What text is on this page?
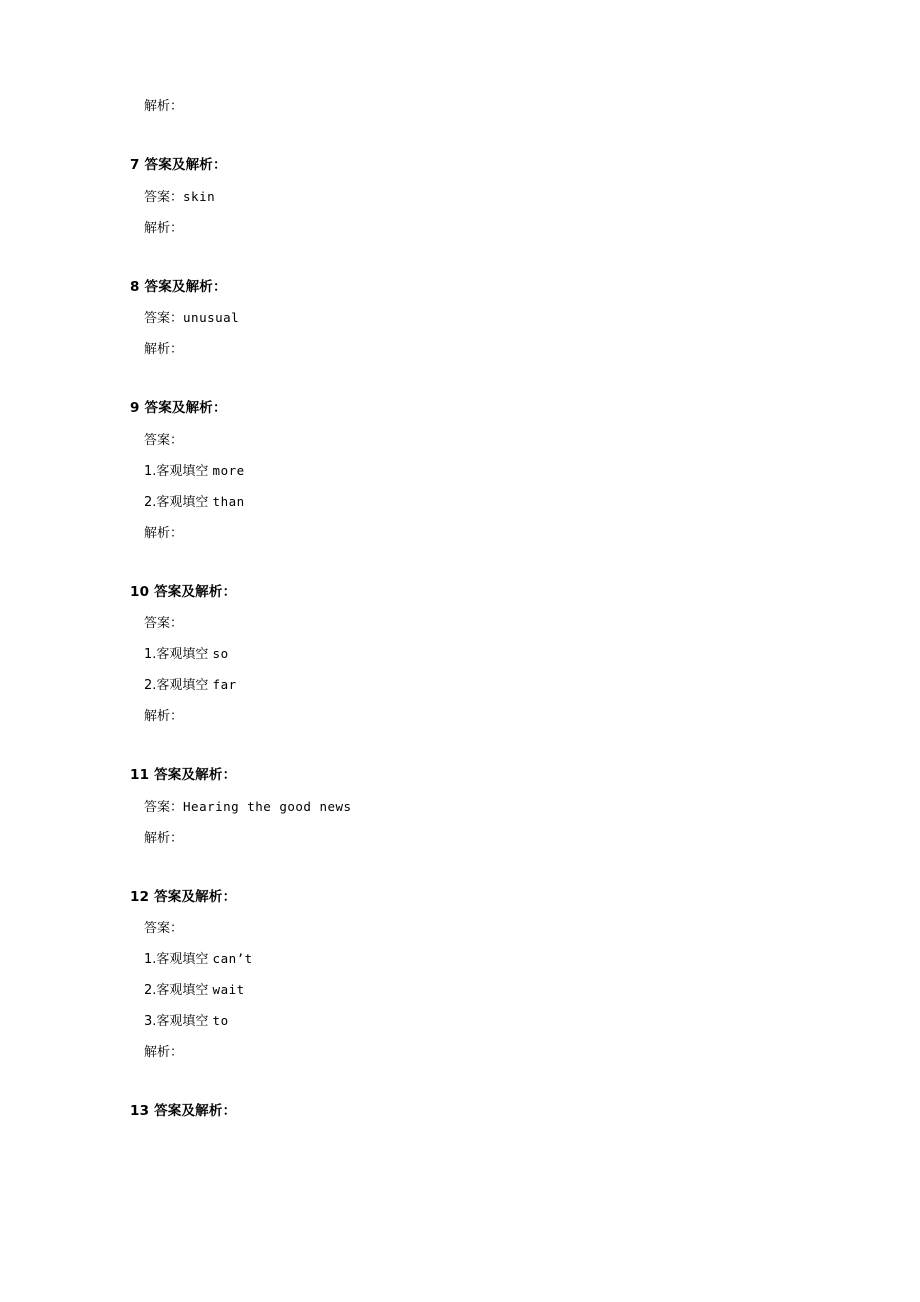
解析：
7 答案及解析：
答案：skin
解析：
8 答案及解析：
答案：unusual
解析：
9 答案及解析：
答案：
1.客观填空 more
2.客观填空 than
解析：
10 答案及解析：
答案：
1.客观填空 so
2.客观填空 far
解析：
11 答案及解析：
答案：Hearing the good news
解析：
12 答案及解析：
答案：
1.客观填空 can’t
2.客观填空 wait
3.客观填空 to
解析：
13 答案及解析：
